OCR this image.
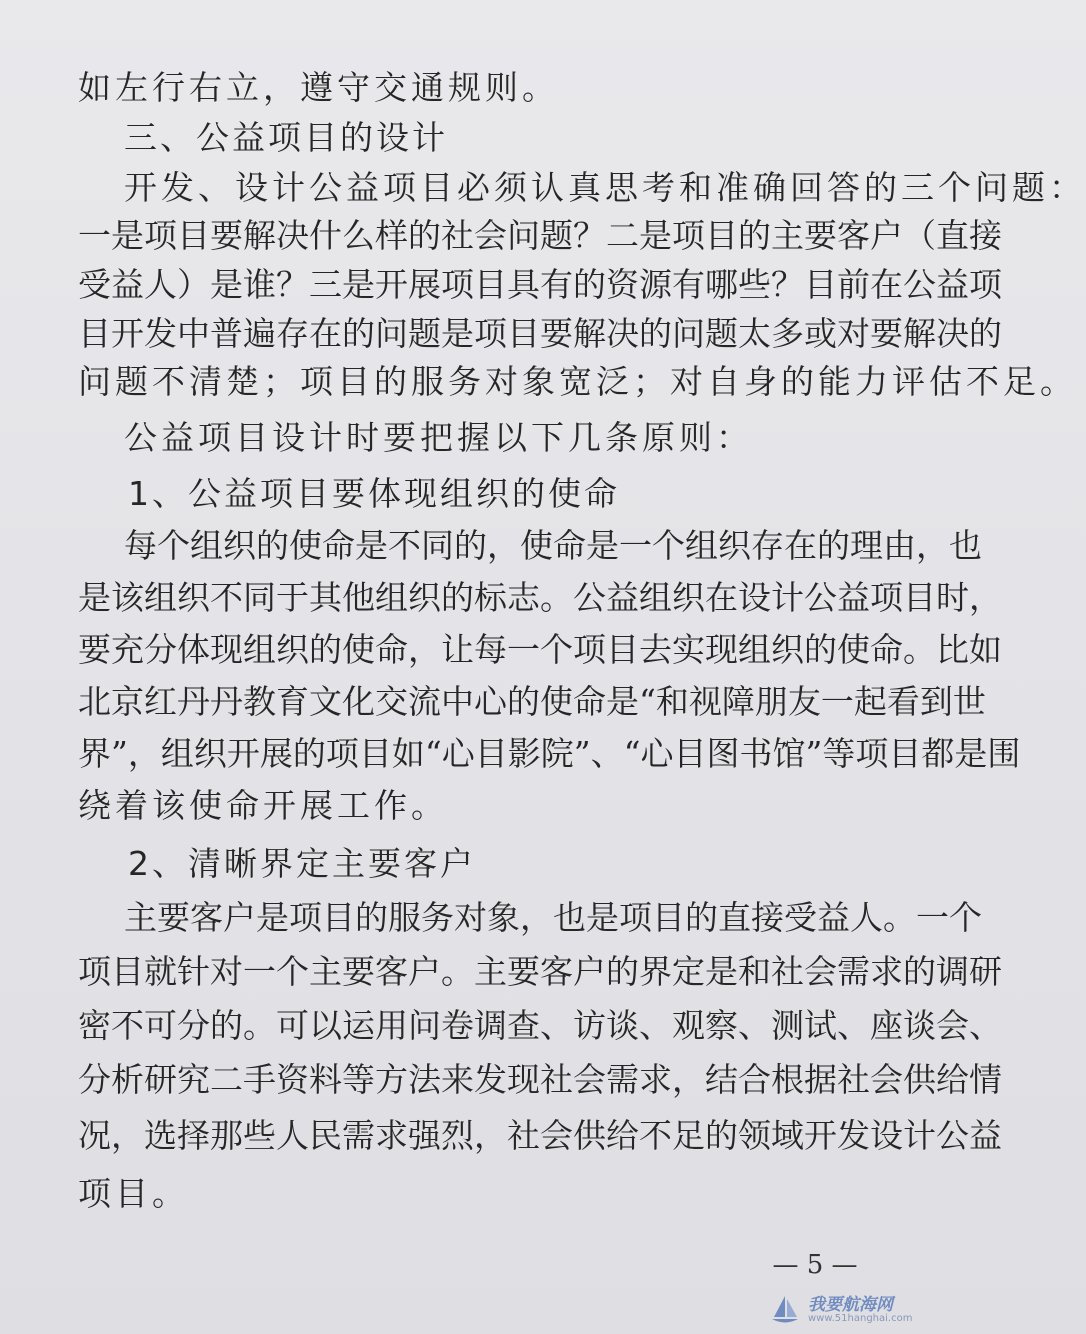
如左行右立，遵守交通规则。

三、公益项目的设计

开发、设计公益项目必须认真思考和准确回答的三个问题：

一是项目要解决什么样的社会问题？二是项目的主要客户（直接

受益人）是谁？三是开展项目具有的资源有哪些？目前在公益项

目开发中普遍存在的问题是项目要解决的问题太多或对要解决的

问题不清楚；项目的服务对象宽泛；对自身的能力评估不足。

公益项目设计时要把握以下几条原则：

1、公益项目要体现组织的使命

每个组织的使命是不同的，使命是一个组织存在的理由，也

是该组织不同于其他组织的标志。公益组织在设计公益项目时，

要充分体现组织的使命，让每一个项目去实现组织的使命。比如

北京红丹丹教育文化交流中心的使命是“和视障朋友一起看到世

界”，组织开展的项目如“心目影院”、“心目图书馆”等项目都是围

绕着该使命开展工作。

2、清晰界定主要客户

主要客户是项目的服务对象，也是项目的直接受益人。一个

项目就针对一个主要客户。主要客户的界定是和社会需求的调研

密不可分的。可以运用问卷调查、访谈、观察、测试、座谈会、

分析研究二手资料等方法来发现社会需求，结合根据社会供给情

况，选择那些人民需求强烈，社会供给不足的领域开发设计公益

项目。

— 5 —
我要航海网
www.51hanghai.com
